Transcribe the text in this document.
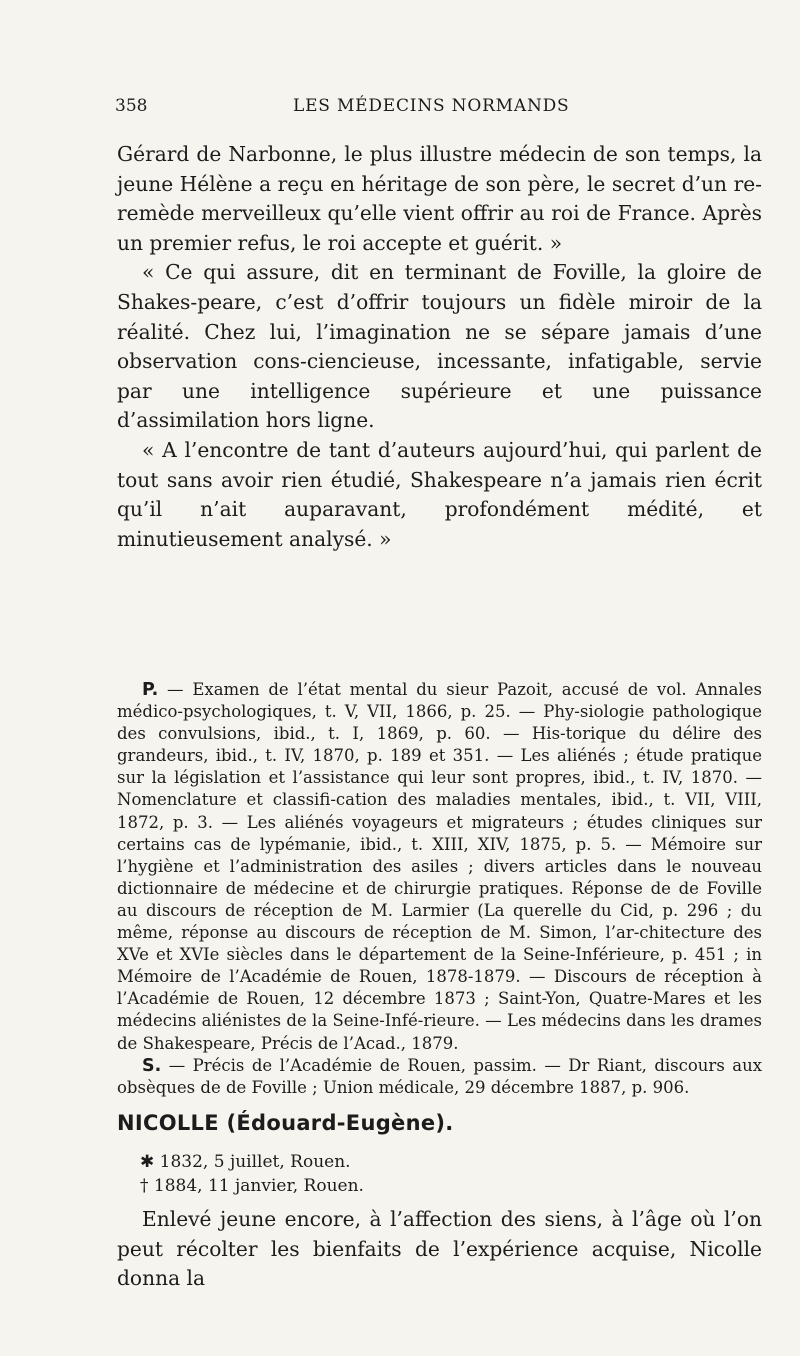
358	LES MÉDECINS NORMANDS

Gérard de Narbonne, le plus illustre médecin de son temps, la jeune Hélène a reçu en héritage de son père, le secret d’un re-remède merveilleux qu’elle vient offrir au roi de France. Après un premier refus, le roi accepte et guérit. »

« Ce qui assure, dit en terminant de Foville, la gloire de Shakes-peare, c’est d’offrir toujours un fidèle miroir de la réalité. Chez lui, l’imagination ne se sépare jamais d’une observation cons-ciencieuse, incessante, infatigable, servie par une intelligence supérieure et une puissance d’assimilation hors ligne.

« A l’encontre de tant d’auteurs aujourd’hui, qui parlent de tout sans avoir rien étudié, Shakespeare n’a jamais rien écrit qu’il n’ait auparavant, profondément médité, et minutieusement analysé. »

P. — Examen de l’état mental du sieur Pazoit, accusé de vol. Annales médico-psychologiques, t. V, VII, 1866, p. 25. — Phy-siologie pathologique des convulsions, ibid., t. I, 1869, p. 60. — His-torique du délire des grandeurs, ibid., t. IV, 1870, p. 189 et 351. — Les aliénés ; étude pratique sur la législation et l’assistance qui leur sont propres, ibid., t. IV, 1870. — Nomenclature et classifi-cation des maladies mentales, ibid., t. VII, VIII, 1872, p. 3. — Les aliénés voyageurs et migrateurs ; études cliniques sur certains cas de lypémanie, ibid., t. XIII, XIV, 1875, p. 5. — Mémoire sur l’hygiène et l’administration des asiles ; divers articles dans le nouveau dictionnaire de médecine et de chirurgie pratiques. Réponse de de Foville au discours de réception de M. Larmier (La querelle du Cid, p. 296 ; du même, réponse au discours de réception de M. Simon, l’ar-chitecture des XVe et XVIe siècles dans le département de la Seine-Inférieure, p. 451 ; in Mémoire de l’Académie de Rouen, 1878-1879. — Discours de réception à l’Académie de Rouen, 12 décembre 1873 ; Saint-Yon, Quatre-Mares et les médecins aliénistes de la Seine-Infé-rieure. — Les médecins dans les drames de Shakespeare, Précis de l’Acad., 1879.

S. — Précis de l’Académie de Rouen, passim. — Dr Riant, discours aux obsèques de de Foville ; Union médicale, 29 décembre 1887, p. 906.

NICOLLE (Édouard-Eugène).
✱ 1832, 5 juillet, Rouen.
† 1884, 11 janvier, Rouen.

Enlevé jeune encore, à l’affection des siens, à l’âge où l’on peut récolter les bienfaits de l’expérience acquise, Nicolle donna la
